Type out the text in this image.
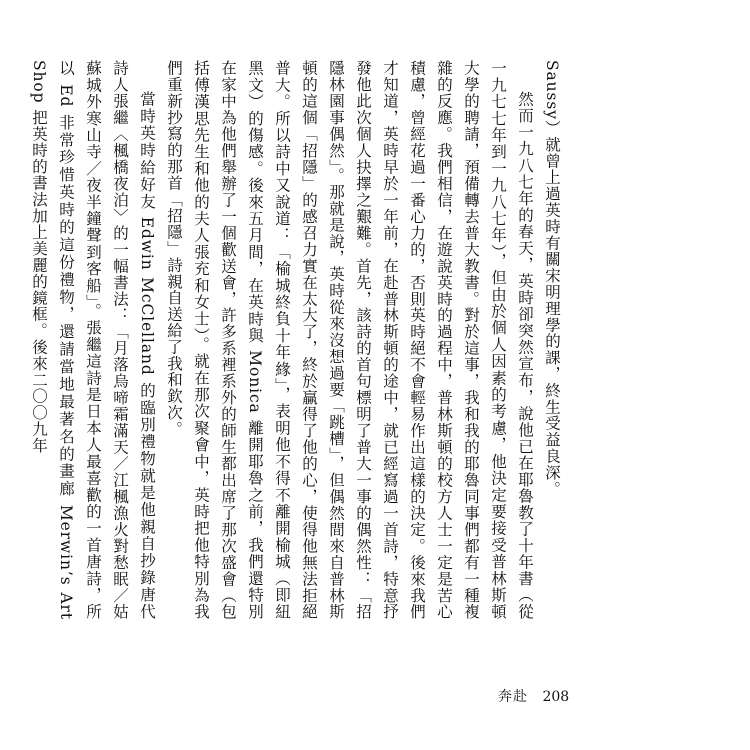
Saussy）就曾上過英時有關宋明理學的課，終生受益良深。

然而一九八七年的春天，英時卻突然宣布，說他已在耶魯教了十年書（從一九七七年到一九八七年），但由於個人因素的考慮，他決定要接受普林斯頓大學的聘請，預備轉去普大教書。對於這事，我和我的耶魯同事們都有一種複雜的反應。我們相信，在遊說英時的過程中，普林斯頓的校方人士一定是苦心積慮，曾經花過一番心力的，否則英時絕不會輕易作出這樣的決定。後來我們才知道，英時早於一年前，在赴普林斯頓的途中，就已經寫過一首詩，特意抒發他此次個人抉擇之艱難。首先，該詩的首句標明了普大一事的偶然性：「招隱林園事偶然」。那就是說，英時從來沒想過要「跳槽」，但偶然間來自普林斯頓的這個「招隱」的感召力實在太大了，終於贏得了他的心，使得他無法拒絕普大。所以詩中又說道：「榆城終負十年緣」，表明他不得不離開榆城（即紐黑文）的傷感。後來五月間，在英時與 Monica 離開耶魯之前，我們還特別在家中為他們舉辦了一個歡送會，許多系裡系外的師生都出席了那次盛會（包括傅漢思先生和他的夫人張充和女士）。就在那次聚會中，英時把他特別為我們重新抄寫的那首「招隱」詩親自送給了我和欽次。

當時英時給好友 Edwin McClelland 的臨別禮物就是他親自抄錄唐代詩人張繼〈楓橋夜泊〉的一幅書法：「月落烏啼霜滿天／江楓漁火對愁眠／姑蘇城外寒山寺／夜半鐘聲到客船」。張繼這詩是日本人最喜歡的一首唐詩，所以 Ed 非常珍惜英時的這份禮物，還請當地最著名的畫廊 Merwin’s Art Shop 把英時的書法加上美麗的鏡框。後來二〇〇九年

奔赴 208
